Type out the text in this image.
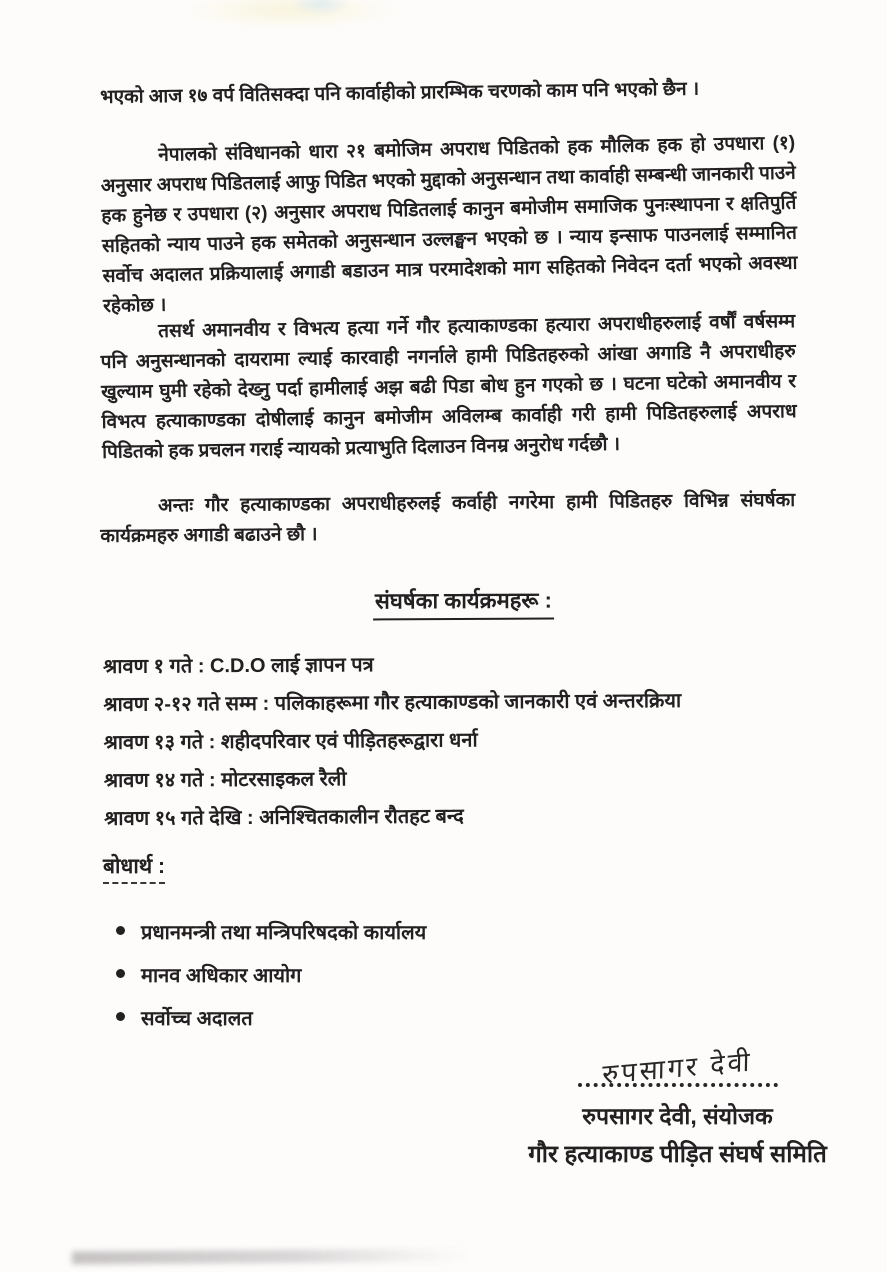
भएको आज १७ वर्प वितिसक्दा पनि कार्वाहीको प्रारम्भिक चरणको काम पनि भएको छैन ।
नेपालको संविधानको धारा २१ बमोजिम अपराध पिडितको हक मौलिक हक हो उपधारा (१) अनुसार अपराध पिडितलाई आफु पिडित भएको मुद्दाको अनुसन्धान तथा कार्वाही सम्बन्धी जानकारी पाउने हक हुनेछ र उपधारा (२) अनुसार अपराध पिडितलाई कानुन बमोजीम समाजिक पुनःस्थापना र क्षतिपुर्ति सहितको न्याय पाउने हक समेतको अनुसन्धान उल्लङ्घन भएको छ । न्याय इन्साफ पाउनलाई सम्मानित सर्वोच अदालत प्रक्रियालाई अगाडी बडाउन मात्र परमादेशको माग सहितको निवेदन दर्ता भएको अवस्था रहेकोछ ।
तसर्थ अमानवीय र विभत्य हत्या गर्ने गौर हत्याकाण्डका हत्यारा अपराधीहरुलाई वर्षौं वर्षसम्म पनि अनुसन्धानको दायरामा ल्याई कारवाही नगर्नाले हामी पिडितहरुको आंखा अगाडि नै अपराधीहरु खुल्याम घुमी रहेको देख्नु पर्दा हामीलाई अझ बढी पिडा बोध हुन गएको छ । घटना घटेको अमानवीय र विभत्प हत्याकाण्डका दोषीलाई कानुन बमोजीम अविलम्ब कार्वाही गरी हामी पिडितहरुलाई अपराध पिडितको हक प्रचलन गराई न्यायको प्रत्याभुति दिलाउन विनम्र अनुरोध गर्दछौ ।
अन्तः गौर हत्याकाण्डका अपराधीहरुलई कर्वाही नगरेमा हामी पिडितहरु विभिन्न संघर्षका कार्यक्रमहरु अगाडी बढाउने छौ ।
संघर्षका कार्यक्रमहरू :
श्रावण १ गते : C.D.O लाई ज्ञापन पत्र
श्रावण २-१२ गते सम्म : पलिकाहरूमा गौर हत्याकाण्डको जानकारी एवं अन्तरक्रिया
श्रावण १३ गते : शहीदपरिवार एवं पीड़ितहरूद्वारा धर्ना
श्रावण १४ गते : मोटरसाइकल रैली
श्रावण १५ गते देखि : अनिश्चितकालीन रौतहट बन्द
बोधार्थ :
प्रधानमन्त्री तथा मन्त्रिपरिषदको कार्यालय
मानव अधिकार आयोग
सर्वोच्च अदालत
रुपसागर देवी
रुपसागर देवी, संयोजक
गौर हत्याकाण्ड पीड़ित संघर्ष समिति
